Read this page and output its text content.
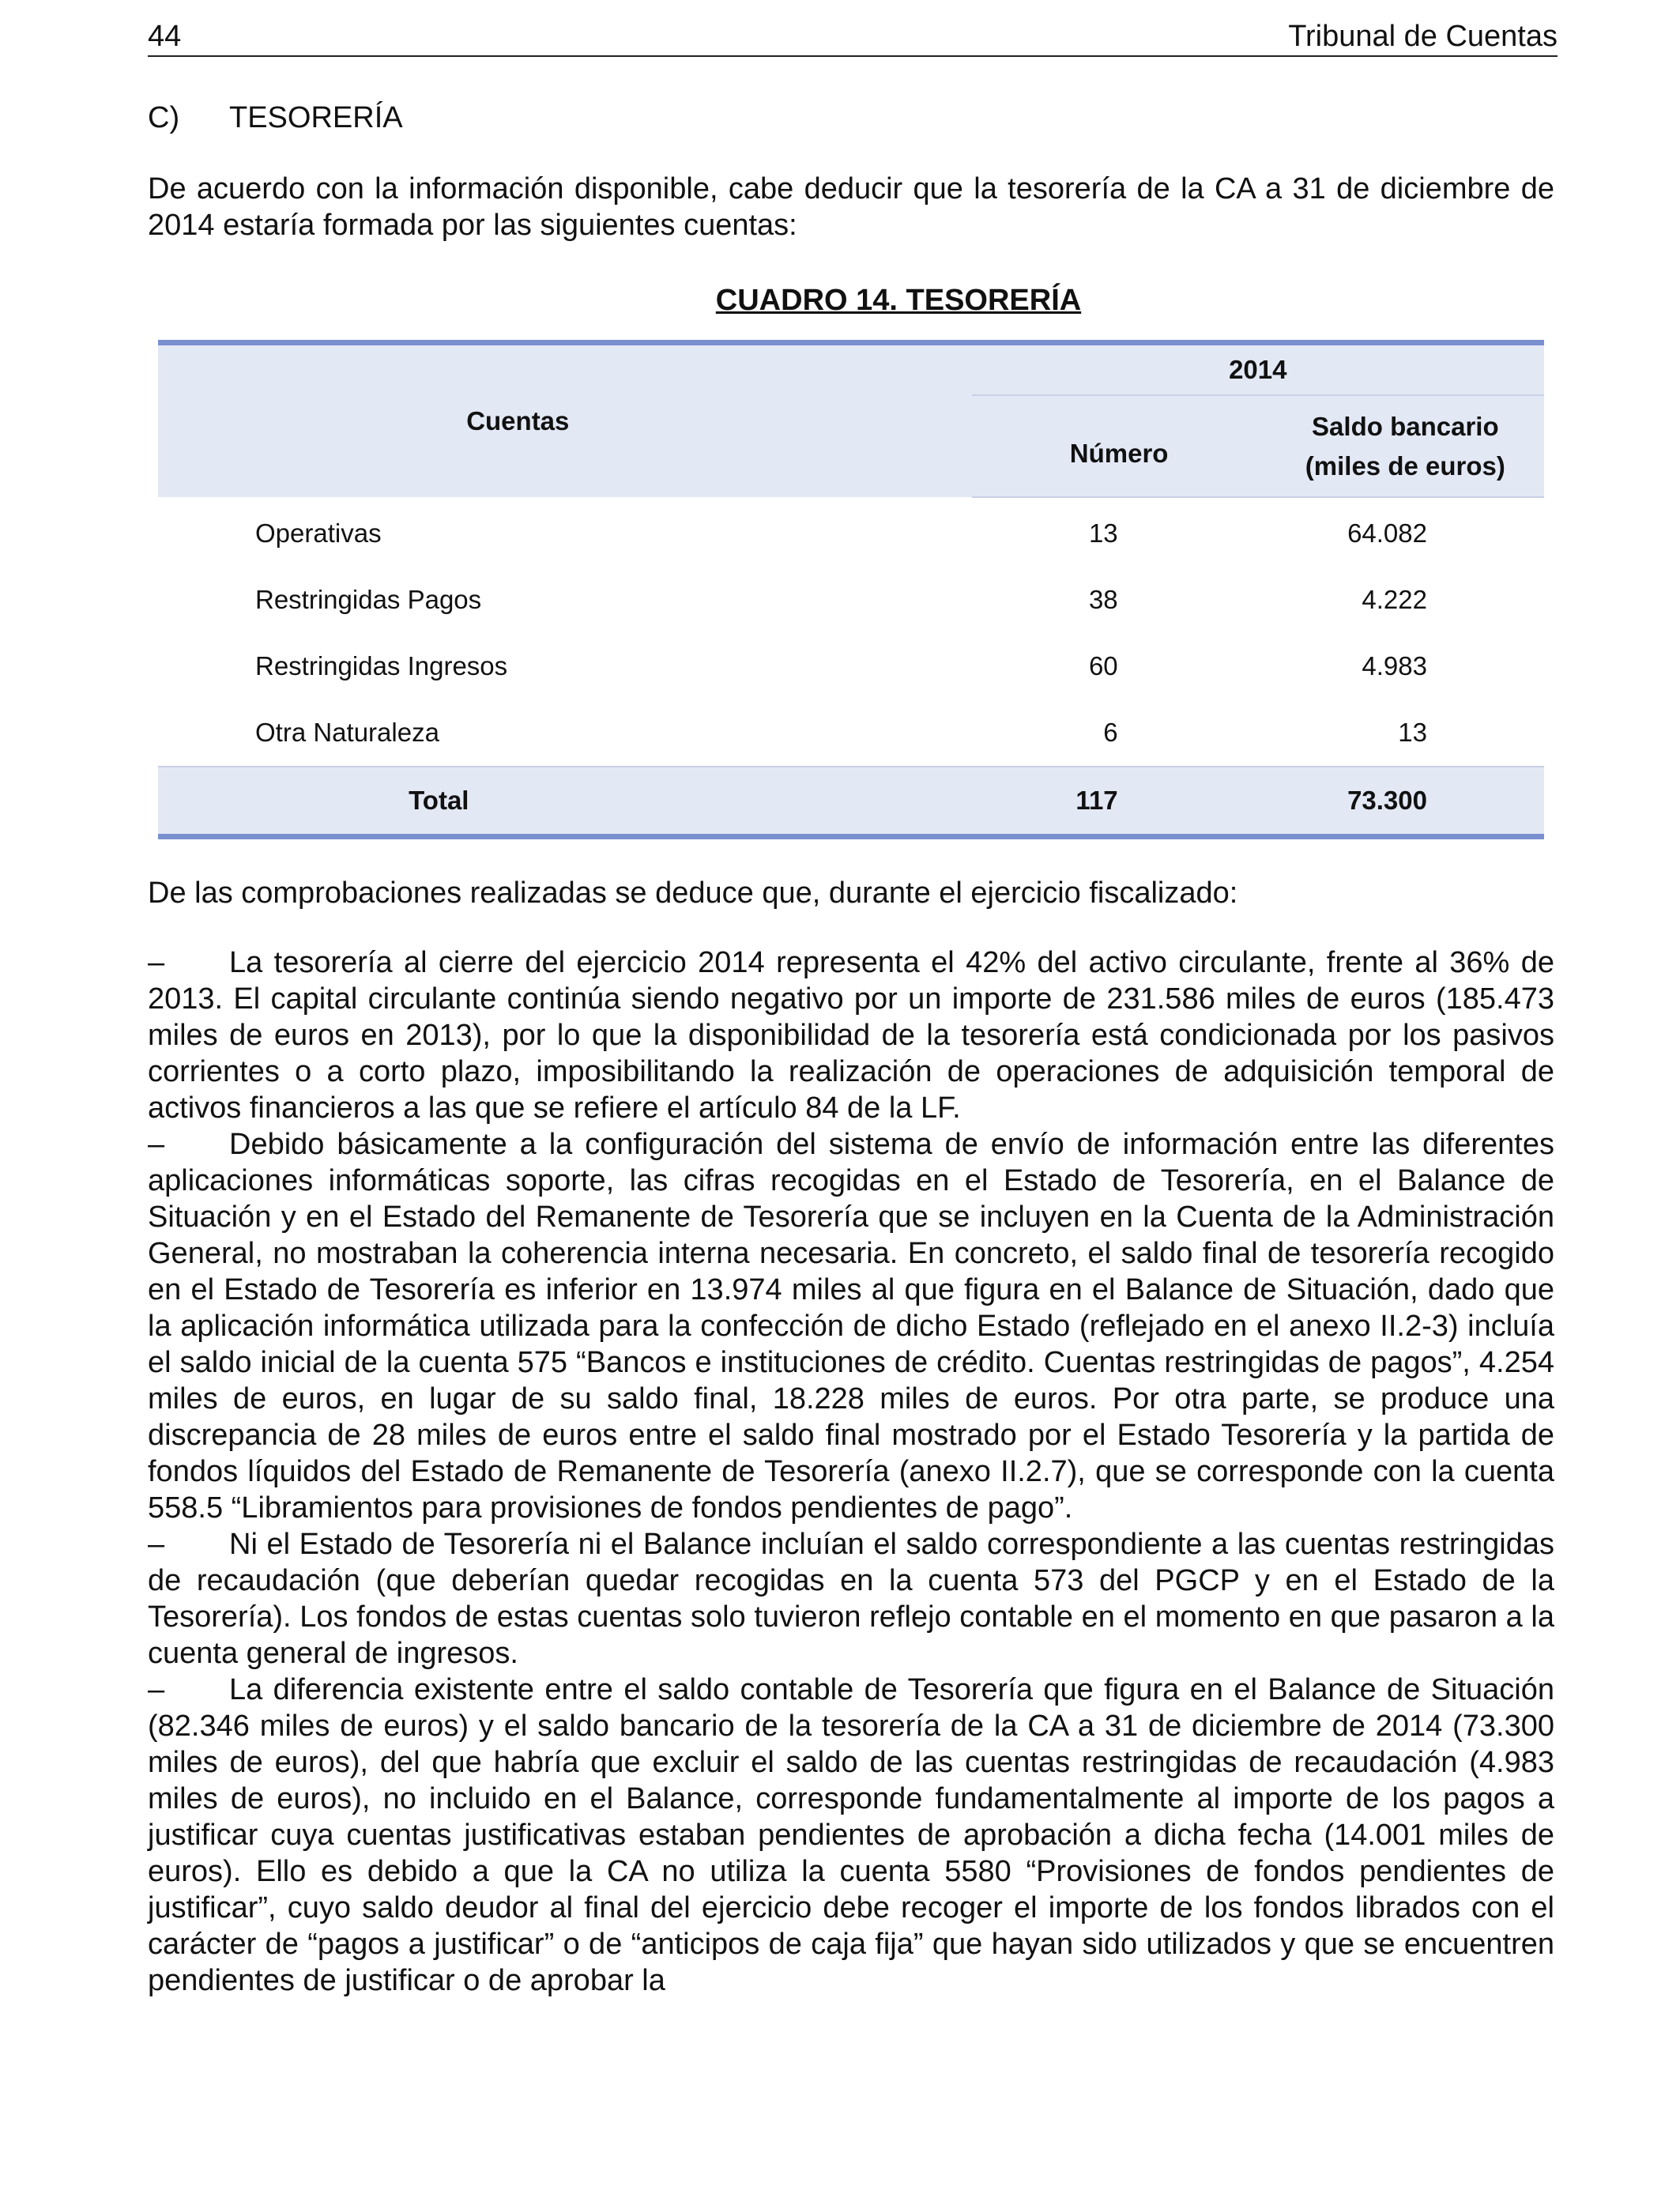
44	Tribunal de Cuentas
C)	TESORERÍA

De acuerdo con la información disponible, cabe deducir que la tesorería de la CA a 31 de diciembre de 2014 estaría formada por las siguientes cuentas:

CUADRO 14. TESORERÍA
Cuentas	2014	
	Número	Saldo bancario
(miles de euros)
Operativas	13	64.082
Restringidas Pagos	38	4.222
Restringidas Ingresos	60	4.983
Otra Naturaleza	6	13
Total	117	73.300

De las comprobaciones realizadas se deduce que, durante el ejercicio fiscalizado:

– La tesorería al cierre del ejercicio 2014 representa el 42% del activo circulante, frente al 36% de 2013. El capital circulante continúa siendo negativo por un importe de 231.586 miles de euros (185.473 miles de euros en 2013), por lo que la disponibilidad de la tesorería está condicionada por los pasivos corrientes o a corto plazo, imposibilitando la realización de operaciones de adquisición temporal de activos financieros a las que se refiere el artículo 84 de la LF.

– Debido básicamente a la configuración del sistema de envío de información entre las diferentes aplicaciones informáticas soporte, las cifras recogidas en el Estado de Tesorería, en el Balance de Situación y en el Estado del Remanente de Tesorería que se incluyen en la Cuenta de la Administración General, no mostraban la coherencia interna necesaria. En concreto, el saldo final de tesorería recogido en el Estado de Tesorería es inferior en 13.974 miles al que figura en el Balance de Situación, dado que la aplicación informática utilizada para la confección de dicho Estado (reflejado en el anexo II.2-3) incluía el saldo inicial de la cuenta 575 “Bancos e instituciones de crédito. Cuentas restringidas de pagos”, 4.254 miles de euros, en lugar de su saldo final, 18.228 miles de euros. Por otra parte, se produce una discrepancia de 28 miles de euros entre el saldo final mostrado por el Estado Tesorería y la partida de fondos líquidos del Estado de Remanente de Tesorería (anexo II.2.7), que se corresponde con la cuenta 558.5 “Libramientos para provisiones de fondos pendientes de pago”.

– Ni el Estado de Tesorería ni el Balance incluían el saldo correspondiente a las cuentas restringidas de recaudación (que deberían quedar recogidas en la cuenta 573 del PGCP y en el Estado de la Tesorería). Los fondos de estas cuentas solo tuvieron reflejo contable en el momento en que pasaron a la cuenta general de ingresos.

– La diferencia existente entre el saldo contable de Tesorería que figura en el Balance de Situación (82.346 miles de euros) y el saldo bancario de la tesorería de la CA a 31 de diciembre de 2014 (73.300 miles de euros), del que habría que excluir el saldo de las cuentas restringidas de recaudación (4.983 miles de euros), no incluido en el Balance, corresponde fundamentalmente al importe de los pagos a justificar cuya cuentas justificativas estaban pendientes de aprobación a dicha fecha (14.001 miles de euros). Ello es debido a que la CA no utiliza la cuenta 5580 “Provisiones de fondos pendientes de justificar”, cuyo saldo deudor al final del ejercicio debe recoger el importe de los fondos librados con el carácter de “pagos a justificar” o de “anticipos de caja fija” que hayan sido utilizados y que se encuentren pendientes de justificar o de aprobar la
